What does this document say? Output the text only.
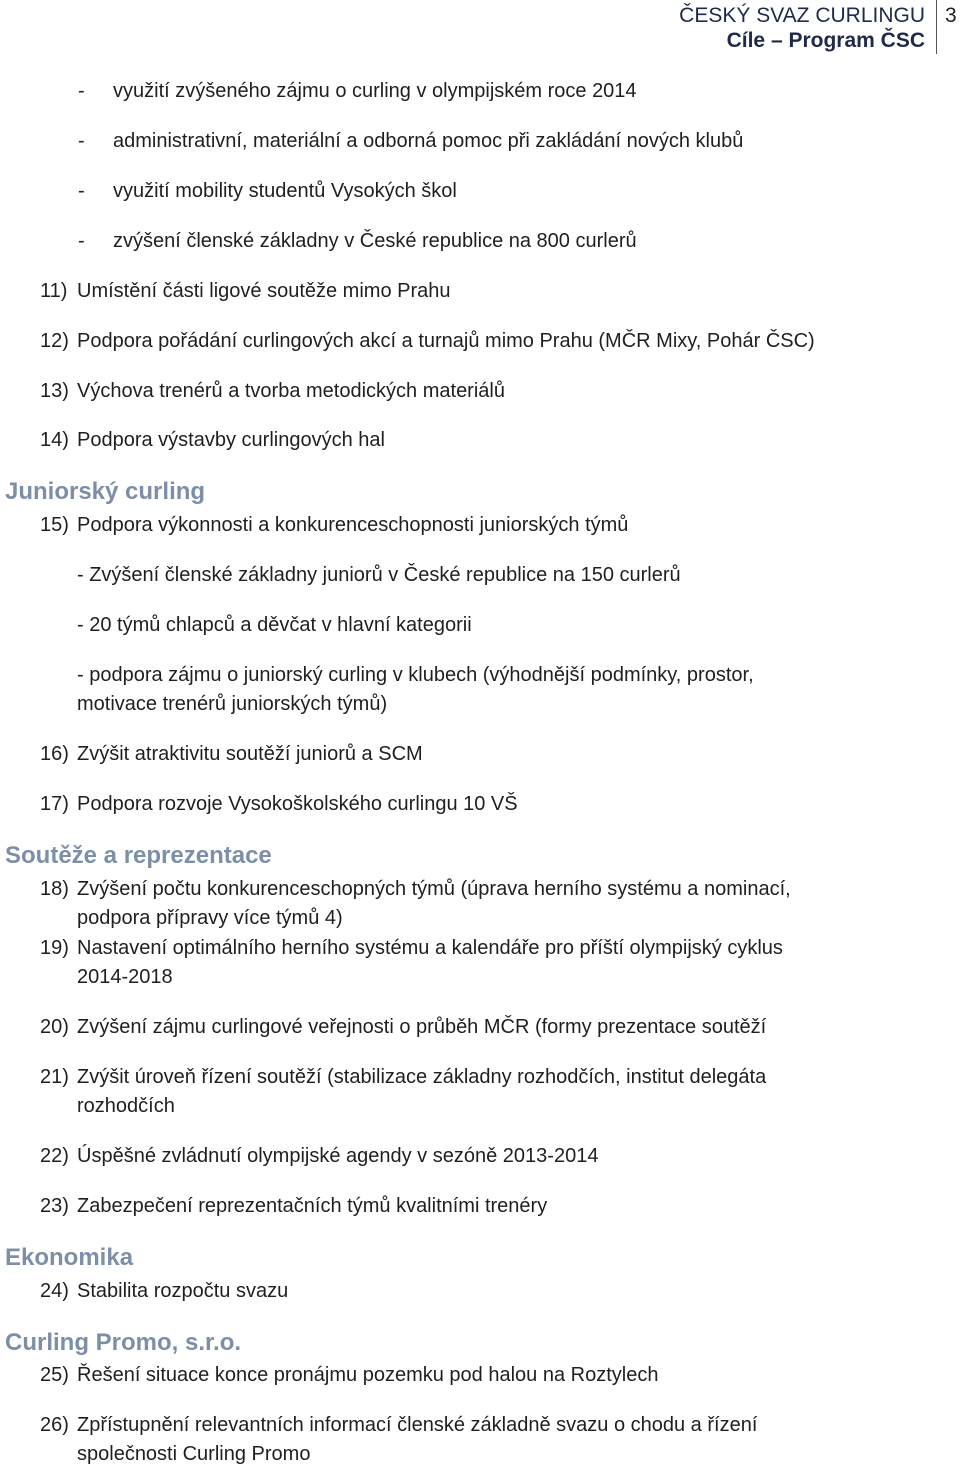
ČESKÝ SVAZ CURLINGU
Cíle – Program ČSC
3
- využití zvýšeného zájmu o curling v olympijském roce 2014
- administrativní, materiální a odborná pomoc při zakládání nových klubů
- využití mobility studentů Vysokých škol
- zvýšení členské základny v České republice na 800 curlerů
11) Umístění části ligové soutěže mimo Prahu
12) Podpora pořádání curlingových akcí a turnajů mimo Prahu (MČR Mixy, Pohár ČSC)
13) Výchova trenérů a tvorba metodických materiálů
14) Podpora výstavby curlingových hal
Juniorský curling
15) Podpora výkonnosti a konkurenceschopnosti juniorských týmů
- Zvýšení členské základny juniorů v České republice na 150 curlerů
- 20 týmů chlapců a děvčat v hlavní kategorii
- podpora zájmu o juniorský curling v klubech (výhodnější podmínky, prostor,
motivace trenérů juniorských týmů)
16) Zvýšit atraktivitu soutěží juniorů a SCM
17) Podpora rozvoje Vysokoškolského curlingu 10 VŠ
Soutěže a reprezentace
18) Zvýšení počtu konkurenceschopných týmů (úprava herního systému a nominací,
podpora přípravy více týmů 4)
19) Nastavení optimálního herního systému a kalendáře pro příští olympijský cyklus
2014-2018
20) Zvýšení zájmu curlingové veřejnosti o průběh MČR (formy prezentace soutěží
21) Zvýšit úroveň řízení soutěží (stabilizace základny rozhodčích, institut delegáta
rozhodčích
22) Úspěšné zvládnutí olympijské agendy v sezóně 2013-2014
23) Zabezpečení reprezentačních týmů kvalitními trenéry
Ekonomika
24) Stabilita rozpočtu svazu
Curling Promo, s.r.o.
25) Řešení situace konce pronájmu pozemku pod halou na Roztylech
26) Zpřístupnění relevantních informací členské základně svazu o chodu a řízení
společnosti Curling Promo
